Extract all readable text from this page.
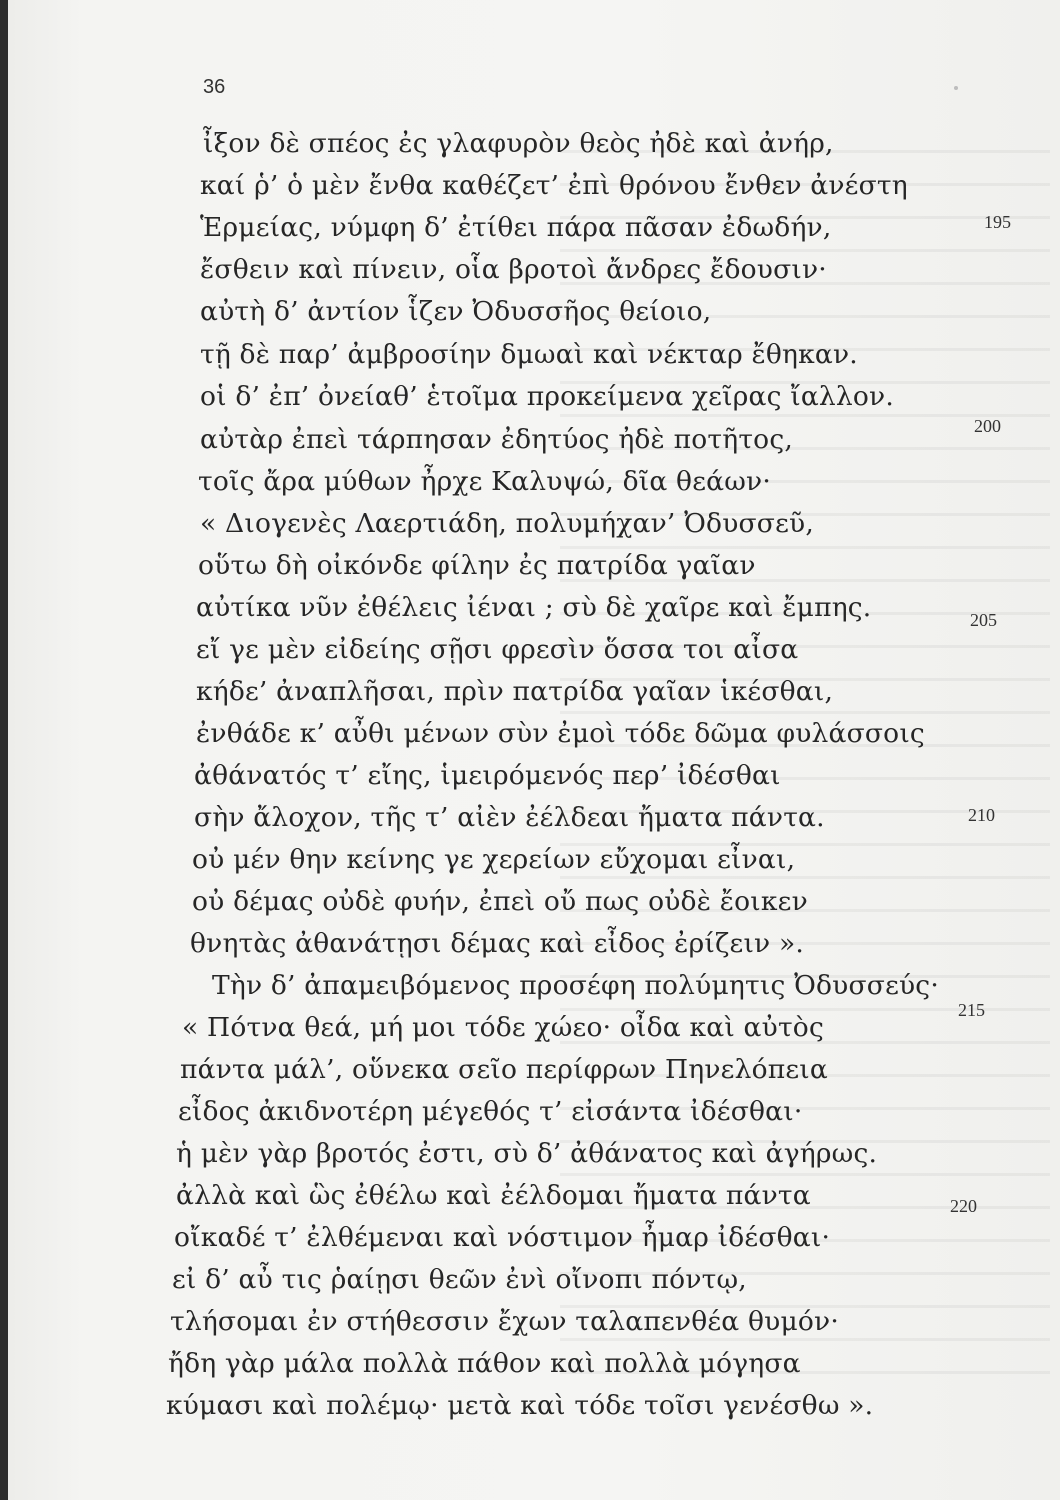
36
ἶξον δὲ σπέος ἐς γλαφυρὸν θεὸς ἠδὲ καὶ ἀνήρ,
καί ῥ’ ὁ μὲν ἔνθα καθέζετ’ ἐπὶ θρόνου ἔνθεν ἀνέστη
Ἑρμείας, νύμφη δ’ ἐτίθει πάρα πᾶσαν ἐδωδήν,
ἔσθειν καὶ πίνειν, οἷα βροτοὶ ἄνδρες ἔδουσιν·
αὐτὴ δ’ ἀντίον ἷζεν Ὀδυσσῆος θείοιο,
τῇ δὲ παρ’ ἀμβροσίην δμωαὶ καὶ νέκταρ ἔθηκαν.
οἱ δ’ ἐπ’ ὀνείαθ’ ἑτοῖμα προκείμενα χεῖρας ἴαλλον.
αὐτὰρ ἐπεὶ τάρπησαν ἐδητύος ἠδὲ ποτῆτος,
τοῖς ἄρα μύθων ἦρχε Καλυψώ, δῖα θεάων·
« Διογενὲς Λαερτιάδη, πολυμήχαν’ Ὀδυσσεῦ,
οὕτω δὴ οἰκόνδε φίλην ἐς πατρίδα γαῖαν
αὐτίκα νῦν ἐθέλεις ἰέναι ; σὺ δὲ χαῖρε καὶ ἔμπης.
εἴ γε μὲν εἰδείης σῇσι φρεσὶν ὅσσα τοι αἶσα
κήδε’ ἀναπλῆσαι, πρὶν πατρίδα γαῖαν ἱκέσθαι,
ἐνθάδε κ’ αὖθι μένων σὺν ἐμοὶ τόδε δῶμα φυλάσσοις
ἀθάνατός τ’ εἴης, ἱμειρόμενός περ’ ἰδέσθαι
σὴν ἄλοχον, τῆς τ’ αἰὲν ἐέλδεαι ἤματα πάντα.
οὐ μέν θην κείνης γε χερείων εὔχομαι εἶναι,
οὐ δέμας οὐδὲ φυήν, ἐπεὶ οὔ πως οὐδὲ ἔοικεν
θνητὰς ἀθανάτῃσι δέμας καὶ εἶδος ἐρίζειν ».
Τὴν δ’ ἀπαμειβόμενος προσέφη πολύμητις Ὀδυσσεύς·
« Πότνα θεά, μή μοι τόδε χώεο· οἶδα καὶ αὐτὸς
πάντα μάλ’, οὕνεκα σεῖο περίφρων Πηνελόπεια
εἶδος ἀκιδνοτέρη μέγεθός τ’ εἰσάντα ἰδέσθαι·
ἡ μὲν γὰρ βροτός ἐστι, σὺ δ’ ἀθάνατος καὶ ἀγήρως.
ἀλλὰ καὶ ὣς ἐθέλω καὶ ἐέλδομαι ἤματα πάντα
οἴκαδέ τ’ ἐλθέμεναι καὶ νόστιμον ἦμαρ ἰδέσθαι·
εἰ δ’ αὖ τις ῥαίῃσι θεῶν ἐνὶ οἴνοπι πόντῳ,
τλήσομαι ἐν στήθεσσιν ἔχων ταλαπενθέα θυμόν·
ἤδη γὰρ μάλα πολλὰ πάθον καὶ πολλὰ μόγησα
κύμασι καὶ πολέμῳ· μετὰ καὶ τόδε τοῖσι γενέσθω ».
195
200
205
210
215
220
